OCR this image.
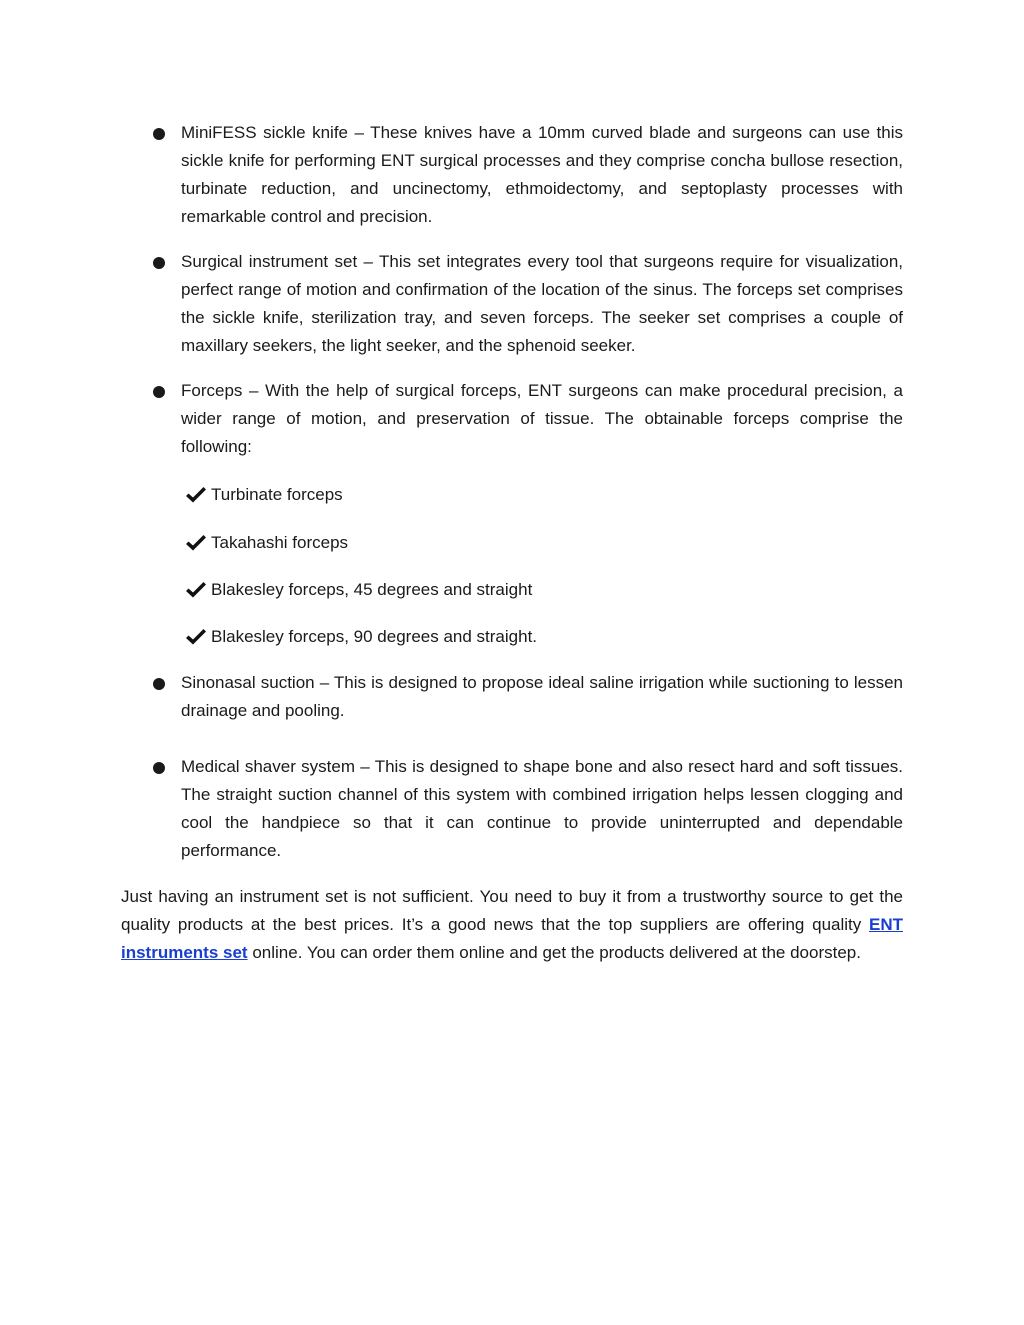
MiniFESS sickle knife – These knives have a 10mm curved blade and surgeons can use this sickle knife for performing ENT surgical processes and they comprise concha bullose resection, turbinate reduction, and uncinectomy, ethmoidectomy, and septoplasty processes with remarkable control and precision.
Surgical instrument set – This set integrates every tool that surgeons require for visualization, perfect range of motion and confirmation of the location of the sinus. The forceps set comprises the sickle knife, sterilization tray, and seven forceps. The seeker set comprises a couple of maxillary seekers, the light seeker, and the sphenoid seeker.
Forceps – With the help of surgical forceps, ENT surgeons can make procedural precision, a wider range of motion, and preservation of tissue. The obtainable forceps comprise the following:
Turbinate forceps
Takahashi forceps
Blakesley forceps, 45 degrees and straight
Blakesley forceps, 90 degrees and straight.
Sinonasal suction – This is designed to propose ideal saline irrigation while suctioning to lessen drainage and pooling.
Medical shaver system – This is designed to shape bone and also resect hard and soft tissues. The straight suction channel of this system with combined irrigation helps lessen clogging and cool the handpiece so that it can continue to provide uninterrupted and dependable performance.

Just having an instrument set is not sufficient. You need to buy it from a trustworthy source to get the quality products at the best prices. It’s a good news that the top suppliers are offering quality ENT instruments set online. You can order them online and get the products delivered at the doorstep.
